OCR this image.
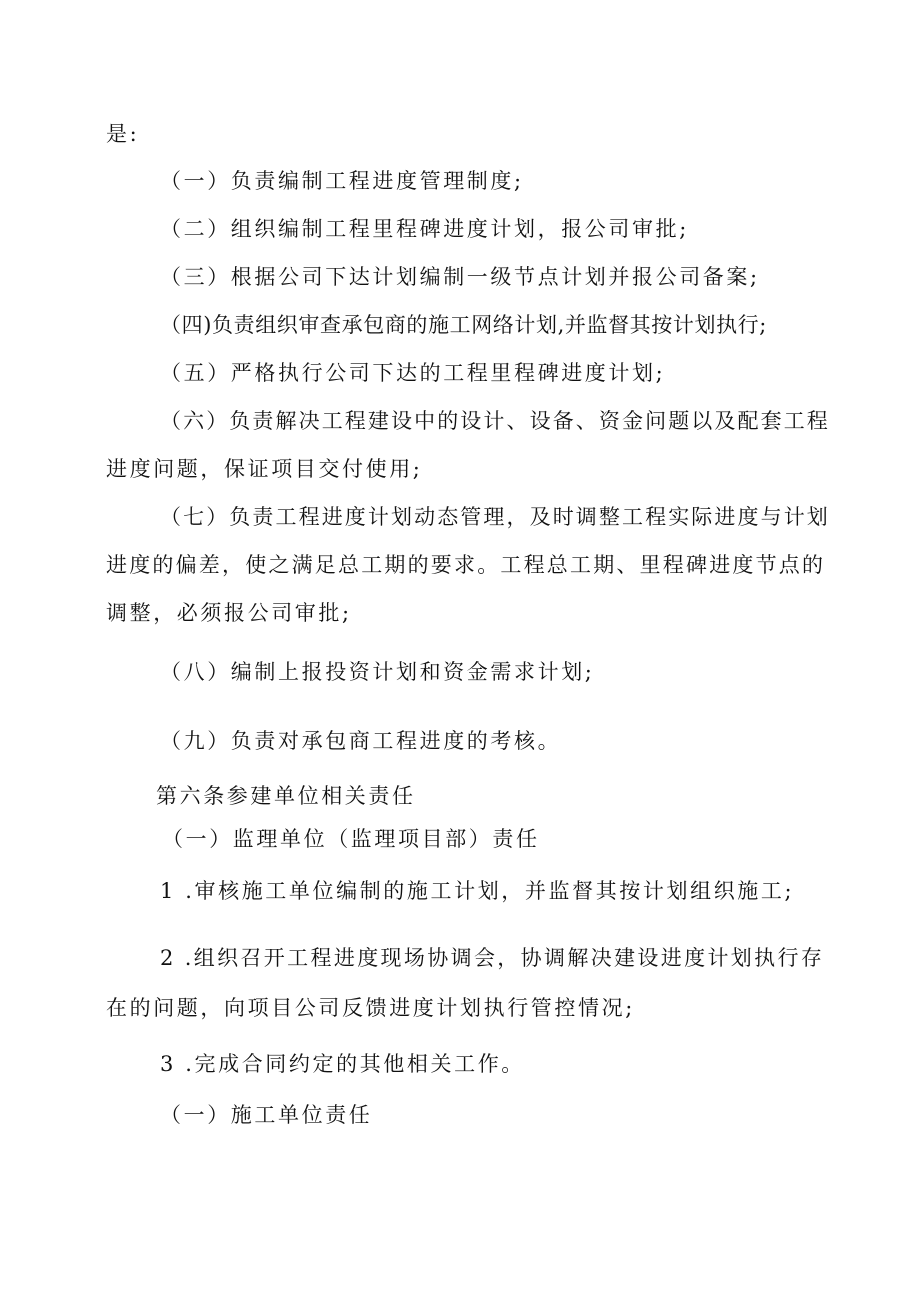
是:
（一）负责编制工程进度管理制度;
（二）组织编制工程里程碑进度计划，报公司审批;
（三）根据公司下达计划编制一级节点计划并报公司备案;
（四)负责组织审查承包商的施工网络计划,并监督其按计划执行;
（五）严格执行公司下达的工程里程碑进度计划;
（六）负责解决工程建设中的设计、设备、资金问题以及配套工程
进度问题，保证项目交付使用;
（七）负责工程进度计划动态管理，及时调整工程实际进度与计划
进度的偏差，使之满足总工期的要求。工程总工期、里程碑进度节点的
调整，必须报公司审批;
（八）编制上报投资计划和资金需求计划;
（九）负责对承包商工程进度的考核。
第六条参建单位相关责任
（一）监理单位（监理项目部）责任
1 .审核施工单位编制的施工计划，并监督其按计划组织施工;
2 .组织召开工程进度现场协调会，协调解决建设进度计划执行存
在的问题，向项目公司反馈进度计划执行管控情况;
3 .完成合同约定的其他相关工作。
（一）施工单位责任
